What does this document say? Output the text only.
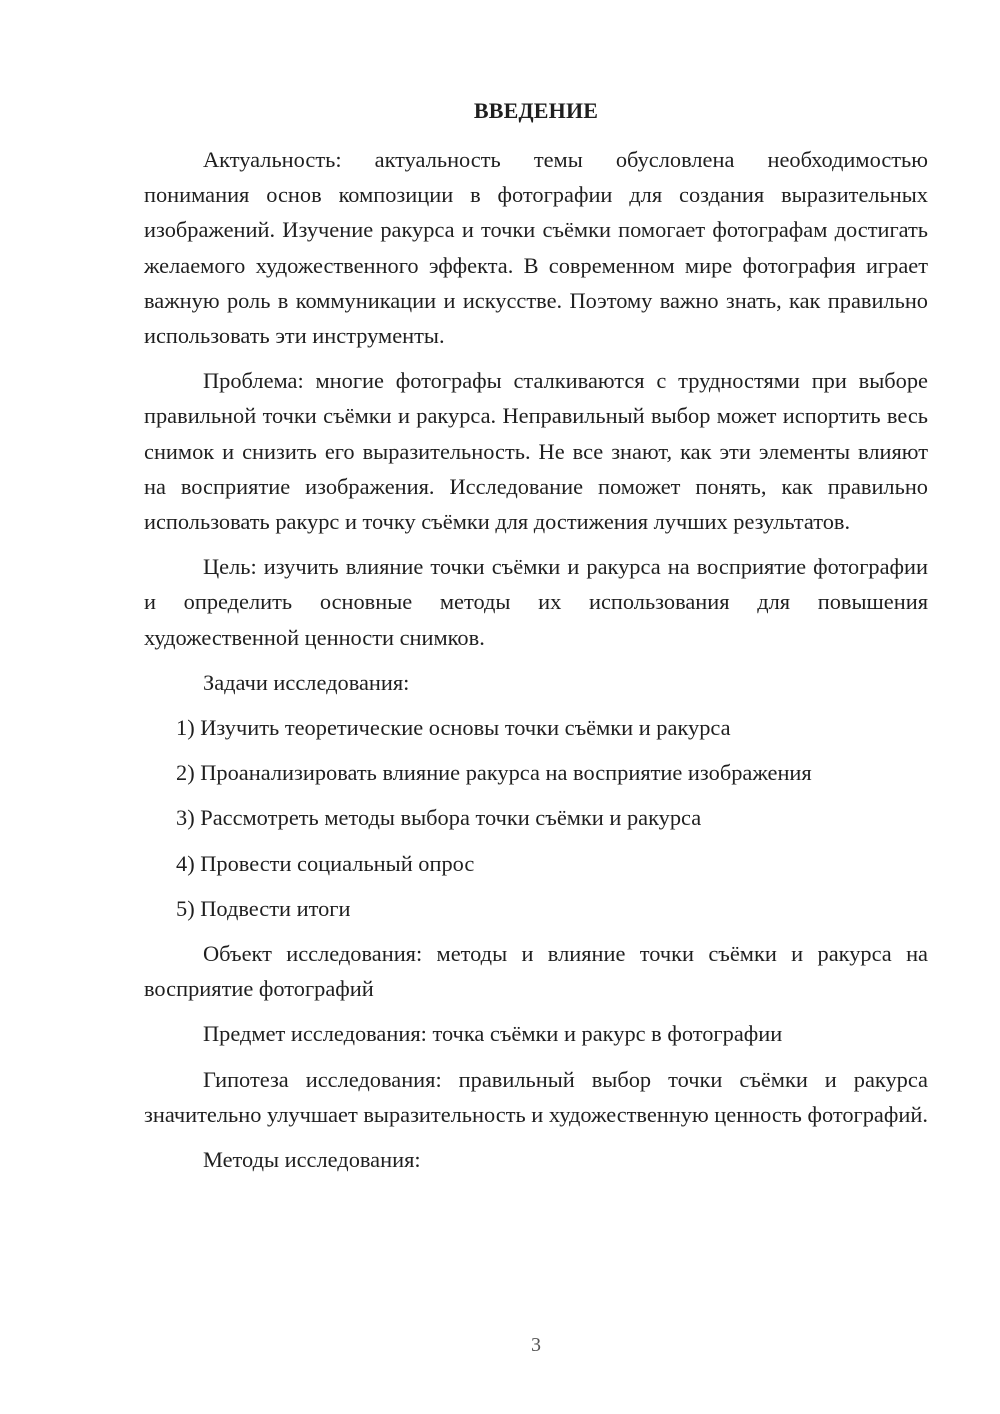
ВВЕДЕНИЕ

Актуальность: актуальность темы обусловлена необходимостью понимания основ композиции в фотографии для создания выразительных изображений. Изучение ракурса и точки съёмки помогает фотографам достигать желаемого художественного эффекта. В современном мире фотография играет важную роль в коммуникации и искусстве. Поэтому важно знать, как правильно использовать эти инструменты.

Проблема: многие фотографы сталкиваются с трудностями при выборе правильной точки съёмки и ракурса. Неправильный выбор может испортить весь снимок и снизить его выразительность. Не все знают, как эти элементы влияют на восприятие изображения. Исследование поможет понять, как правильно использовать ракурс и точку съёмки для достижения лучших результатов.

Цель: изучить влияние точки съёмки и ракурса на восприятие фотографии и определить основные методы их использования для повышения художественной ценности снимков.

Задачи исследования:

1) Изучить теоретические основы точки съёмки и ракурса

2) Проанализировать влияние ракурса на восприятие изображения

3) Рассмотреть методы выбора точки съёмки и ракурса

4) Провести социальный опрос

5) Подвести итоги

Объект исследования: методы и влияние точки съёмки и ракурса на восприятие фотографий

Предмет исследования: точка съёмки и ракурс в фотографии

Гипотеза исследования: правильный выбор точки съёмки и ракурса значительно улучшает выразительность и художественную ценность фотографий.

Методы исследования:

3
